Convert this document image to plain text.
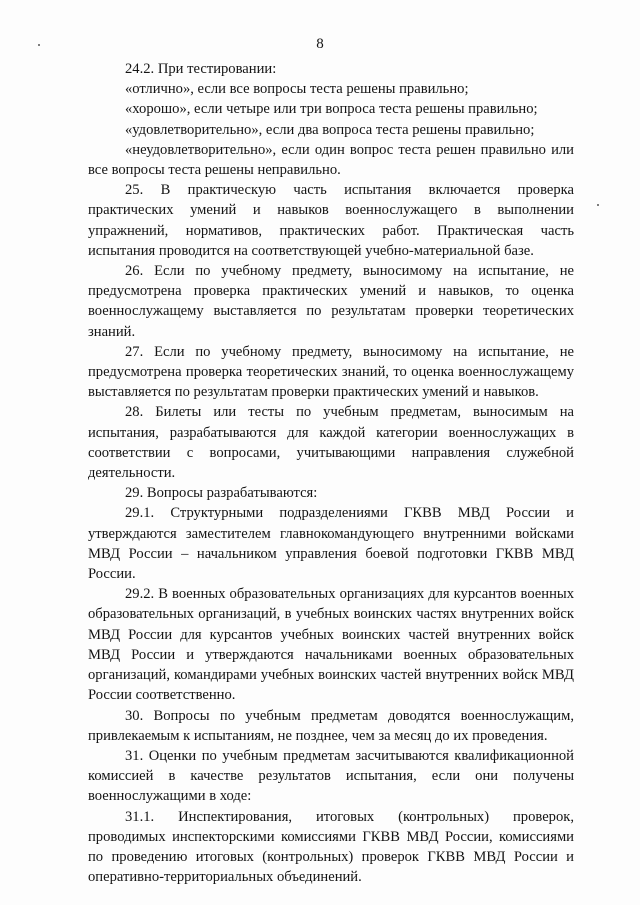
8

24.2. При тестировании:

«отлично», если все вопросы теста решены правильно;

«хорошо», если четыре или три вопроса теста решены правильно;

«удовлетворительно», если два вопроса теста решены правильно;

«неудовлетворительно», если один вопрос теста решен правильно или все вопросы теста решены неправильно.

25. В практическую часть испытания включается проверка практических умений и навыков военнослужащего в выполнении упражнений, нормативов, практических работ. Практическая часть испытания проводится на соответствующей учебно-материальной базе.

26. Если по учебному предмету, выносимому на испытание, не предусмотрена проверка практических умений и навыков, то оценка военнослужащему выставляется по результатам проверки теоретических знаний.

27. Если по учебному предмету, выносимому на испытание, не предусмотрена проверка теоретических знаний, то оценка военнослужащему выставляется по результатам проверки практических умений и навыков.

28. Билеты или тесты по учебным предметам, выносимым на испытания, разрабатываются для каждой категории военнослужащих в соответствии с вопросами, учитывающими направления служебной деятельности.

29. Вопросы разрабатываются:

29.1. Структурными подразделениями ГКВВ МВД России и утверждаются заместителем главнокомандующего внутренними войсками МВД России – начальником управления боевой подготовки ГКВВ МВД России.

29.2. В военных образовательных организациях для курсантов военных образовательных организаций, в учебных воинских частях внутренних войск МВД России для курсантов учебных воинских частей внутренних войск МВД России и утверждаются начальниками военных образовательных организаций, командирами учебных воинских частей внутренних войск МВД России соответственно.

30. Вопросы по учебным предметам доводятся военнослужащим, привлекаемым к испытаниям, не позднее, чем за месяц до их проведения.

31. Оценки по учебным предметам засчитываются квалификационной комиссией в качестве результатов испытания, если они получены военнослужащими в ходе:

31.1. Инспектирования, итоговых (контрольных) проверок, проводимых инспекторскими комиссиями ГКВВ МВД России, комиссиями по проведению итоговых (контрольных) проверок ГКВВ МВД России и оперативно-территориальных объединений.
